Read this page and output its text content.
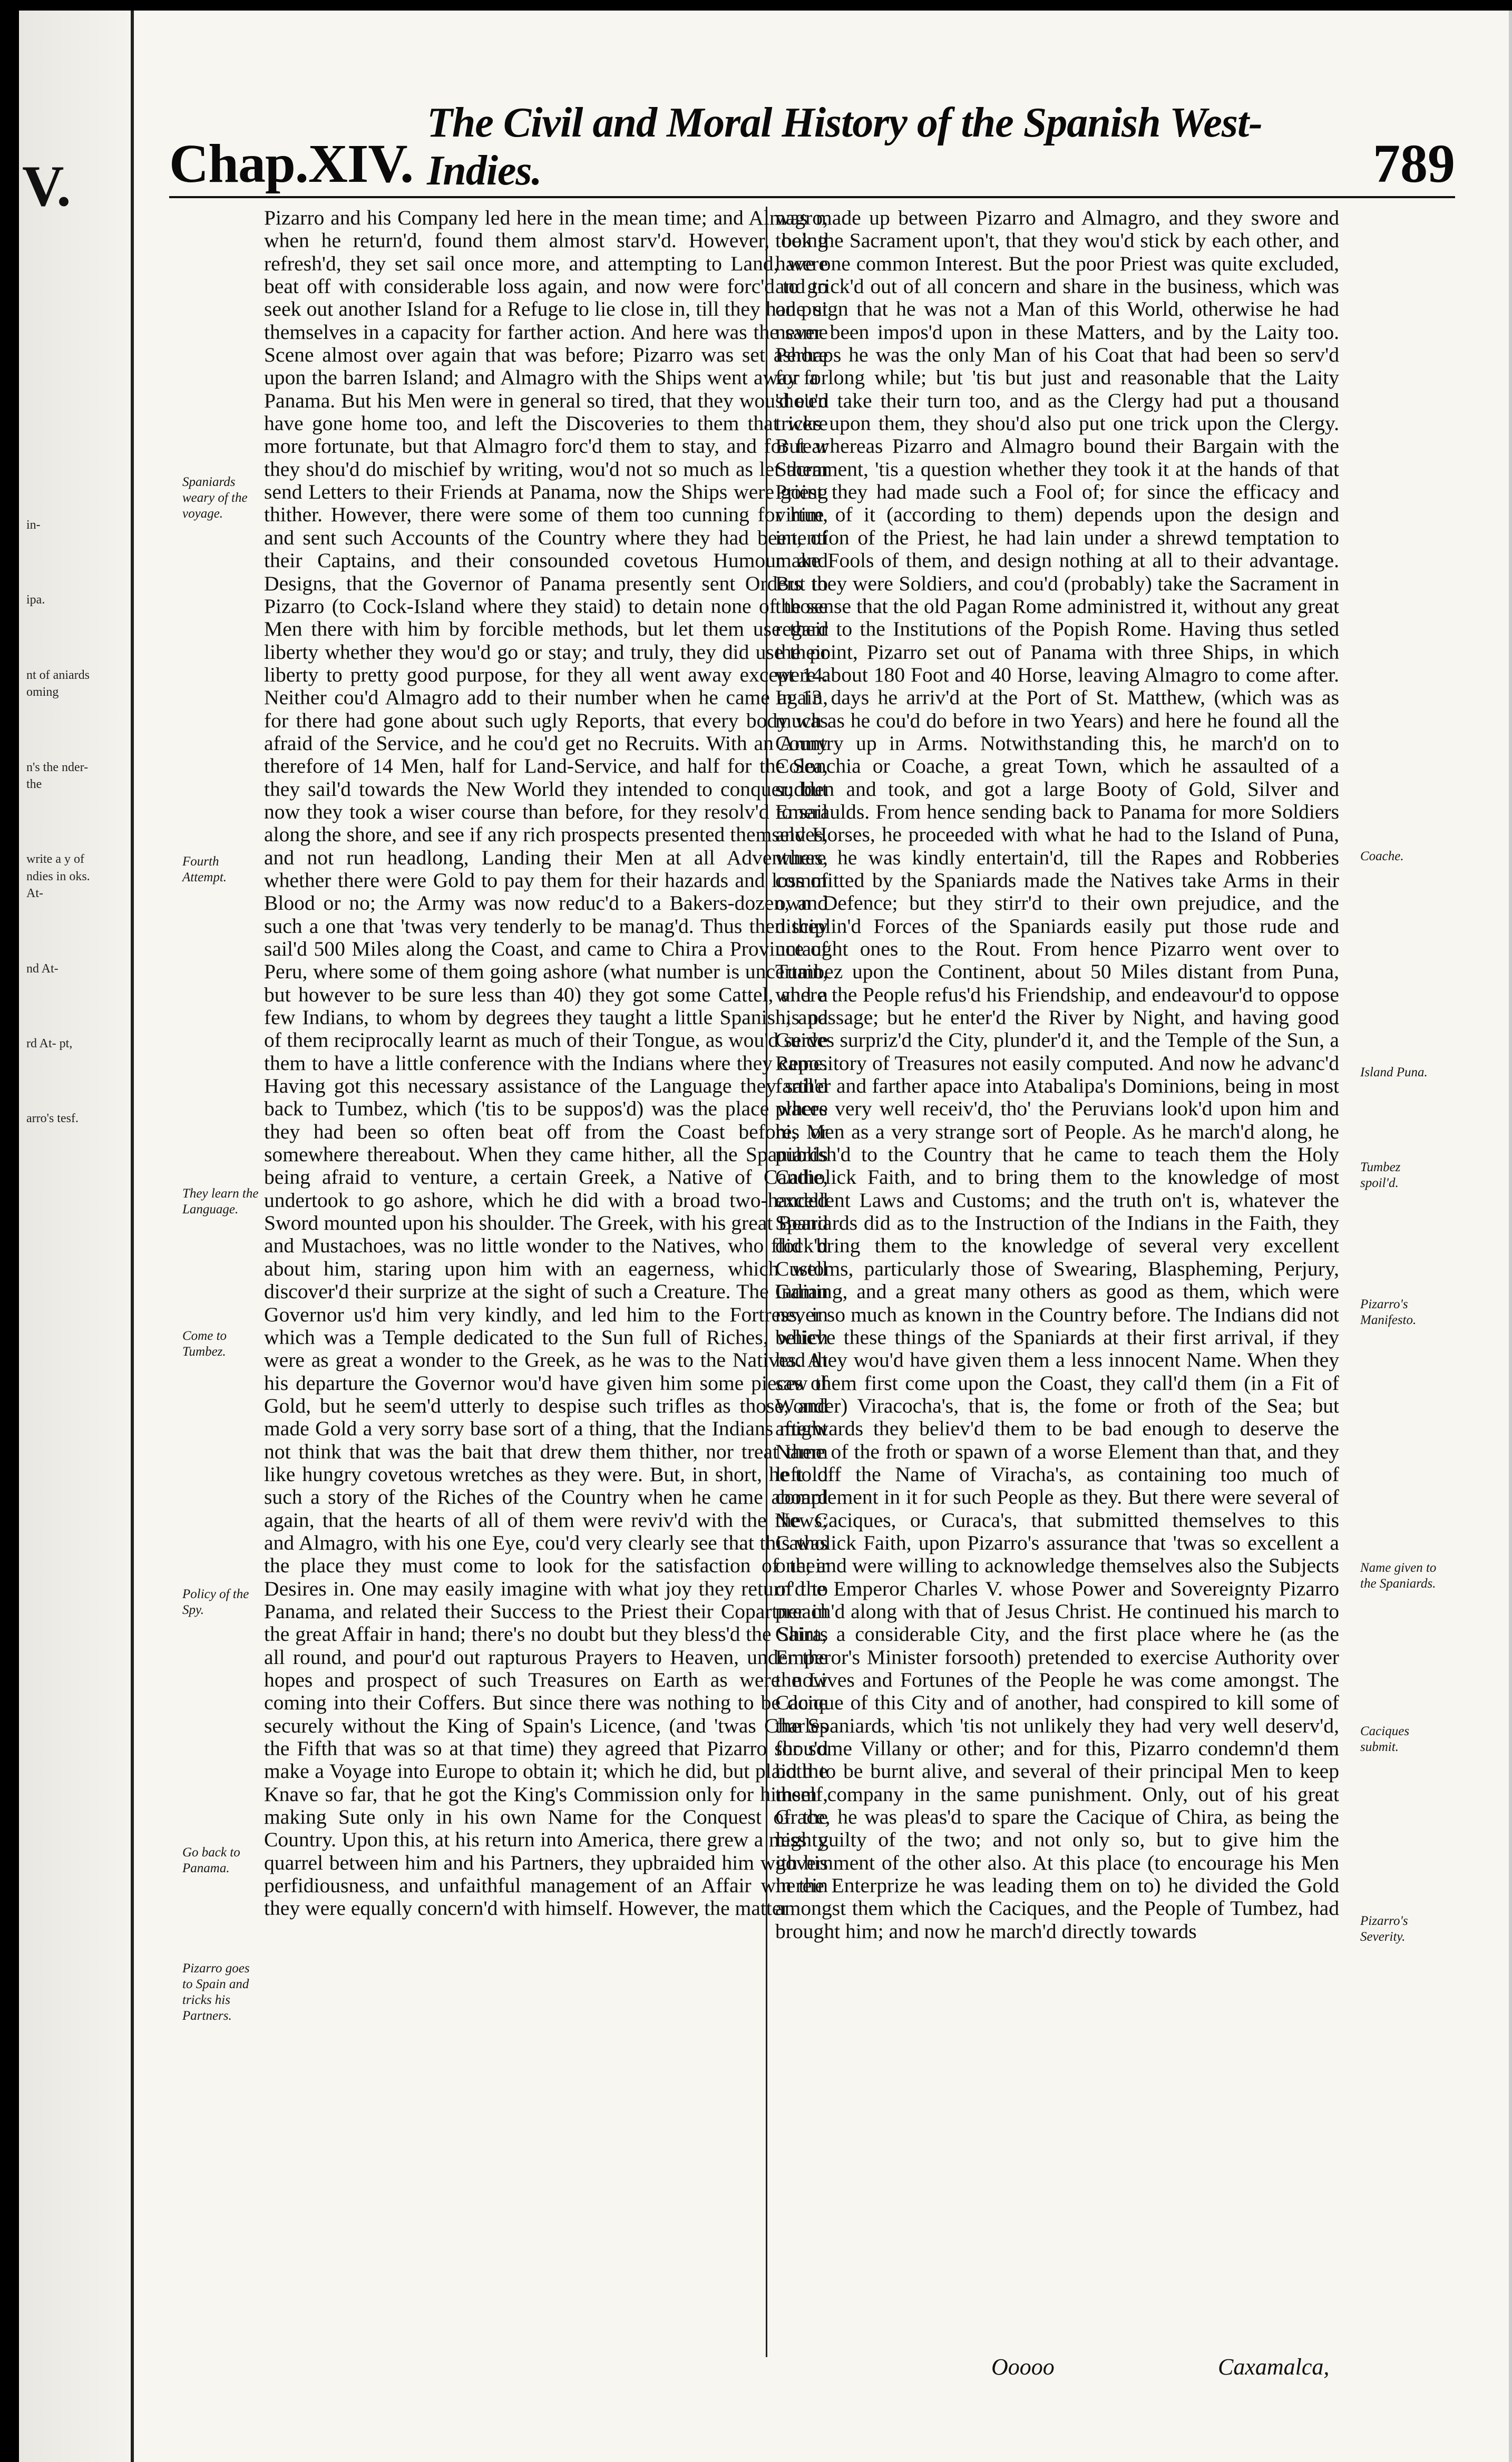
V.
in-
ipa.
nt of aniards oming
n's the nder- the
write a y of ndies in oks. At-
nd At-
rd At- pt,
arro's tesf.
Chap.XIV.
The Civil and Moral History of the Spanish West-Indies.	789
Spaniards weary of the voyage.
Fourth Attempt.
They learn the Language.
Come to Tumbez.
Policy of the Spy.
Go back to Panama.
Pizarro goes to Spain and tricks his Partners.

Pizarro and his Company led here in the mean time; and Almagro, when he return'd, found them almost starv'd. However, being refresh'd, they set sail once more, and attempting to Land, were beat off with considerable loss again, and now were forc'd to go seek out another Island for a Refuge to lie close in, till they had put themselves in a capacity for farther action. And here was the same Scene almost over again that was before; Pizarro was set ashore upon the barren Island; and Almagro with the Ships went away for Panama. But his Men were in general so tired, that they wou'd e'en have gone home too, and left the Discoveries to them that were more fortunate, but that Almagro forc'd them to stay, and for fear they shou'd do mischief by writing, wou'd not so much as let them send Letters to their Friends at Panama, now the Ships were going thither. However, there were some of them too cunning for him, and sent such Accounts of the Country where they had been, of their Captains, and their consounded covetous Humour and Designs, that the Governor of Panama presently sent Orders to Pizarro (to Cock-Island where they staid) to detain none of those Men there with him by forcible methods, but let them use their liberty whether they wou'd go or stay; and truly, they did use their liberty to pretty good purpose, for they all went away except 14. Neither cou'd Almagro add to their number when he came again, for there had gone about such ugly Reports, that every body was afraid of the Service, and he cou'd get no Recruits. With an Army therefore of 14 Men, half for Land-Service, and half for the Sea, they sail'd towards the New World they intended to conquer; but now they took a wiser course than before, for they resolv'd to sail along the shore, and see if any rich prospects presented themselves, and not run headlong, Landing their Men at all Adventures, whether there were Gold to pay them for their hazards and loss of Blood or no; the Army was now reduc'd to a Bakers-dozen, and such a one that 'twas very tenderly to be manag'd. Thus then they sail'd 500 Miles along the Coast, and came to Chira a Province of Peru, where some of them going ashore (what number is uncertain, but however to be sure less than 40) they got some Cattel, and a few Indians, to whom by degrees they taught a little Spanish, and of them reciprocally learnt as much of their Tongue, as wou'd serve them to have a little conference with the Indians where they came. Having got this necessary assistance of the Language they sail'd back to Tumbez, which ('tis to be suppos'd) was the place where they had been so often beat off from the Coast before, or somewhere thereabout. When they came hither, all the Spaniards being afraid to venture, a certain Greek, a Native of Candie, undertook to go ashore, which he did with a broad two-handed Sword mounted upon his shoulder. The Greek, with his great Beard and Mustachoes, was no little wonder to the Natives, who flock'd about him, staring upon him with an eagerness, which well discover'd their surprize at the sight of such a Creature. The Indian Governor us'd him very kindly, and led him to the Fortress, in which was a Temple dedicated to the Sun full of Riches, which were as great a wonder to the Greek, as he was to the Natives. At his departure the Governor wou'd have given him some pieces of Gold, but he seem'd utterly to despise such trifles as those, and made Gold a very sorry base sort of a thing, that the Indians might not think that was the bait that drew them thither, nor treat them like hungry covetous wretches as they were. But, in short, he told such a story of the Riches of the Country when he came aboard again, that the hearts of all of them were reviv'd with the News; and Almagro, with his one Eye, cou'd very clearly see that this was the place they must come to look for the satisfaction of their Desires in. One may easily imagine with what joy they return'd to Panama, and related their Success to the Priest their Copartner in the great Affair in hand; there's no doubt but they bless'd the Saints all round, and pour'd out rapturous Prayers to Heaven, under the hopes and prospect of such Treasures on Earth as were now coming into their Coffers. But since there was nothing to be done securely without the King of Spain's Licence, (and 'twas Charles the Fifth that was so at that time) they agreed that Pizarro shou'd make a Voyage into Europe to obtain it; which he did, but plaid the Knave so far, that he got the King's Commission only for himself, making Sute only in his own Name for the Conquest of the Country. Upon this, at his return into America, there grew a mighty quarrel between him and his Partners, they upbraided him with his perfidiousness, and unfaithful management of an Affair wherein they were equally concern'd with himself. However, the matter

was made up between Pizarro and Almagro, and they swore and took the Sacrament upon't, that they wou'd stick by each other, and have one common Interest. But the poor Priest was quite excluded, and trick'd out of all concern and share in the business, which was one sign that he was not a Man of this World, otherwise he had never been impos'd upon in these Matters, and by the Laity too. Perhaps he was the only Man of his Coat that had been so serv'd for a long while; but 'tis but just and reasonable that the Laity shou'd take their turn too, and as the Clergy had put a thousand tricks upon them, they shou'd also put one trick upon the Clergy. But whereas Pizarro and Almagro bound their Bargain with the Sacrament, 'tis a question whether they took it at the hands of that Priest they had made such a Fool of; for since the efficacy and virtue of it (according to them) depends upon the design and intention of the Priest, he had lain under a shrewd temptation to make Fools of them, and design nothing at all to their advantage. But they were Soldiers, and cou'd (probably) take the Sacrament in the sense that the old Pagan Rome administred it, without any great regard to the Institutions of the Popish Rome. Having thus setled the point, Pizarro set out of Panama with three Ships, in which were about 180 Foot and 40 Horse, leaving Almagro to come after. In 13 days he arriv'd at the Port of St. Matthew, (which was as much as he cou'd do before in two Years) and here he found all the Country up in Arms. Notwithstanding this, he march'd on to Colonchia or Coache, a great Town, which he assaulted of a sudden and took, and got a large Booty of Gold, Silver and Emeraulds. From hence sending back to Panama for more Soldiers and Horses, he proceeded with what he had to the Island of Puna, where he was kindly entertain'd, till the Rapes and Robberies committed by the Spaniards made the Natives take Arms in their own Defence; but they stirr'd to their own prejudice, and the disciplin'd Forces of the Spaniards easily put those rude and untaught ones to the Rout. From hence Pizarro went over to Tumbez upon the Continent, about 50 Miles distant from Puna, where the People refus'd his Friendship, and endeavour'd to oppose his passage; but he enter'd the River by Night, and having good Guides surpriz'd the City, plunder'd it, and the Temple of the Sun, a Repository of Treasures not easily computed. And now he advanc'd farther and farther apace into Atabalipa's Dominions, being in most places very well receiv'd, tho' the Peruvians look'd upon him and his Men as a very strange sort of People. As he march'd along, he publish'd to the Country that he came to teach them the Holy Catholick Faith, and to bring them to the knowledge of most excellent Laws and Customs; and the truth on't is, whatever the Spaniards did as to the Instruction of the Indians in the Faith, they did bring them to the knowledge of several very excellent Customs, particularly those of Swearing, Blaspheming, Perjury, Gaming, and a great many others as good as them, which were never so much as known in the Country before. The Indians did not believe these things of the Spaniards at their first arrival, if they had they wou'd have given them a less innocent Name. When they saw them first come upon the Coast, they call'd them (in a Fit of Wonder) Viracocha's, that is, the fome or froth of the Sea; but afterwards they believ'd them to be bad enough to deserve the Name of the froth or spawn of a worse Element than that, and they left off the Name of Viracha's, as containing too much of complement in it for such People as they. But there were several of the Caciques, or Curaca's, that submitted themselves to this Catholick Faith, upon Pizarro's assurance that 'twas so excellent a one; and were willing to acknowledge themselves also the Subjects of the Emperor Charles V. whose Power and Sovereignty Pizarro preach'd along with that of Jesus Christ. He continued his march to Chira, a considerable City, and the first place where he (as the Emperor's Minister forsooth) pretended to exercise Authority over the Lives and Fortunes of the People he was come amongst. The Cacique of this City and of another, had conspired to kill some of the Spaniards, which 'tis not unlikely they had very well deserv'd, for some Villany or other; and for this, Pizarro condemn'd them both to be burnt alive, and several of their principal Men to keep them company in the same punishment. Only, out of his great Grace, he was pleas'd to spare the Cacique of Chira, as being the less guilty of the two; and not only so, but to give him the government of the other also. At this place (to encourage his Men in the Enterprize he was leading them on to) he divided the Gold amongst them which the Caciques, and the People of Tumbez, had brought him; and now he march'd directly towards

Coache.
Island Puna.
Tumbez spoil'd.
Pizarro's Manifesto.
Name given to the Spaniards.
Caciques submit.
Pizarro's Severity.
Ooooo	Caxamalca,
